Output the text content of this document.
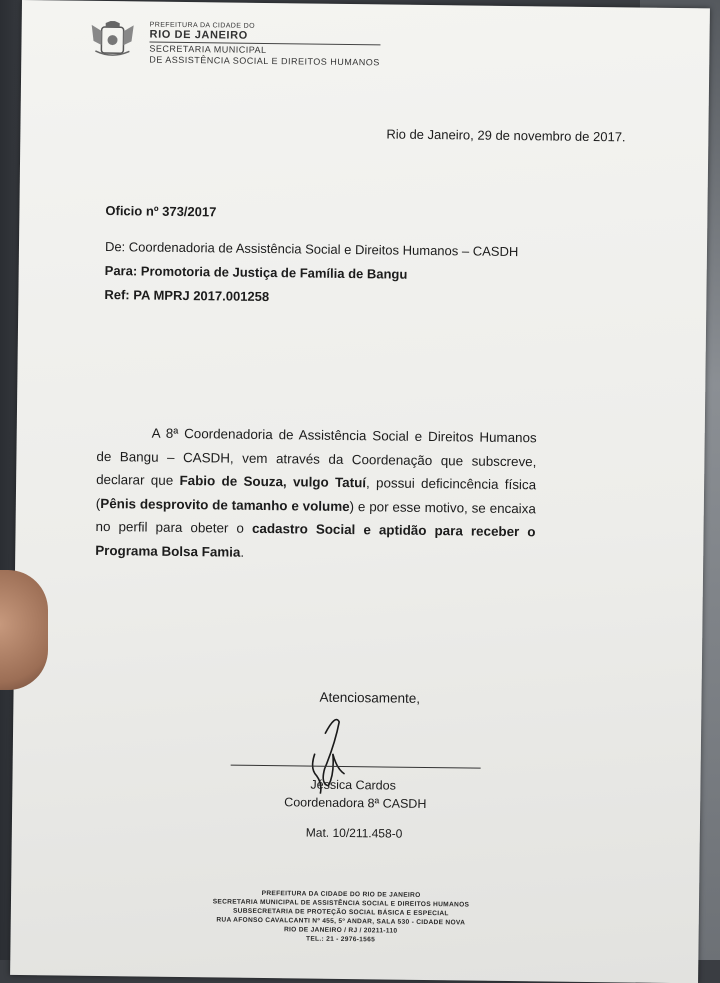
PREFEITURA DA CIDADE DO
RIO DE JANEIRO
SECRETARIA MUNICIPAL
DE ASSISTÊNCIA SOCIAL E DIREITOS HUMANOS
Rio de Janeiro, 29 de novembro de 2017.
Oficio nº 373/2017
De: Coordenadoria de Assistência Social e Direitos Humanos – CASDH
Para: Promotoria de Justiça de Família de Bangu
Ref: PA MPRJ 2017.001258
A 8ª Coordenadoria de Assistência Social e Direitos Humanos de Bangu – CASDH, vem através da Coordenação que subscreve, declarar que Fabio de Souza, vulgo Tatuí, possui deficincência física (Pênis desprovito de tamanho e volume) e por esse motivo, se encaixa no perfil para obeter o cadastro Social e aptidão para receber o Programa Bolsa Famia.
Atenciosamente,
Jéssica Cardos
Coordenadora 8ª CASDH
Mat. 10/211.458-0
PREFEITURA DA CIDADE DO RIO DE JANEIRO
SECRETARIA MUNICIPAL DE ASSISTÊNCIA SOCIAL E DIREITOS HUMANOS
SUBSECRETARIA DE PROTEÇÃO SOCIAL BÁSICA E ESPECIAL
RUA AFONSO CAVALCANTI Nº 455, 5º ANDAR, SALA 530 - CIDADE NOVA
RIO DE JANEIRO / RJ / 20211-110
TEL.: 21 - 2976-1565
